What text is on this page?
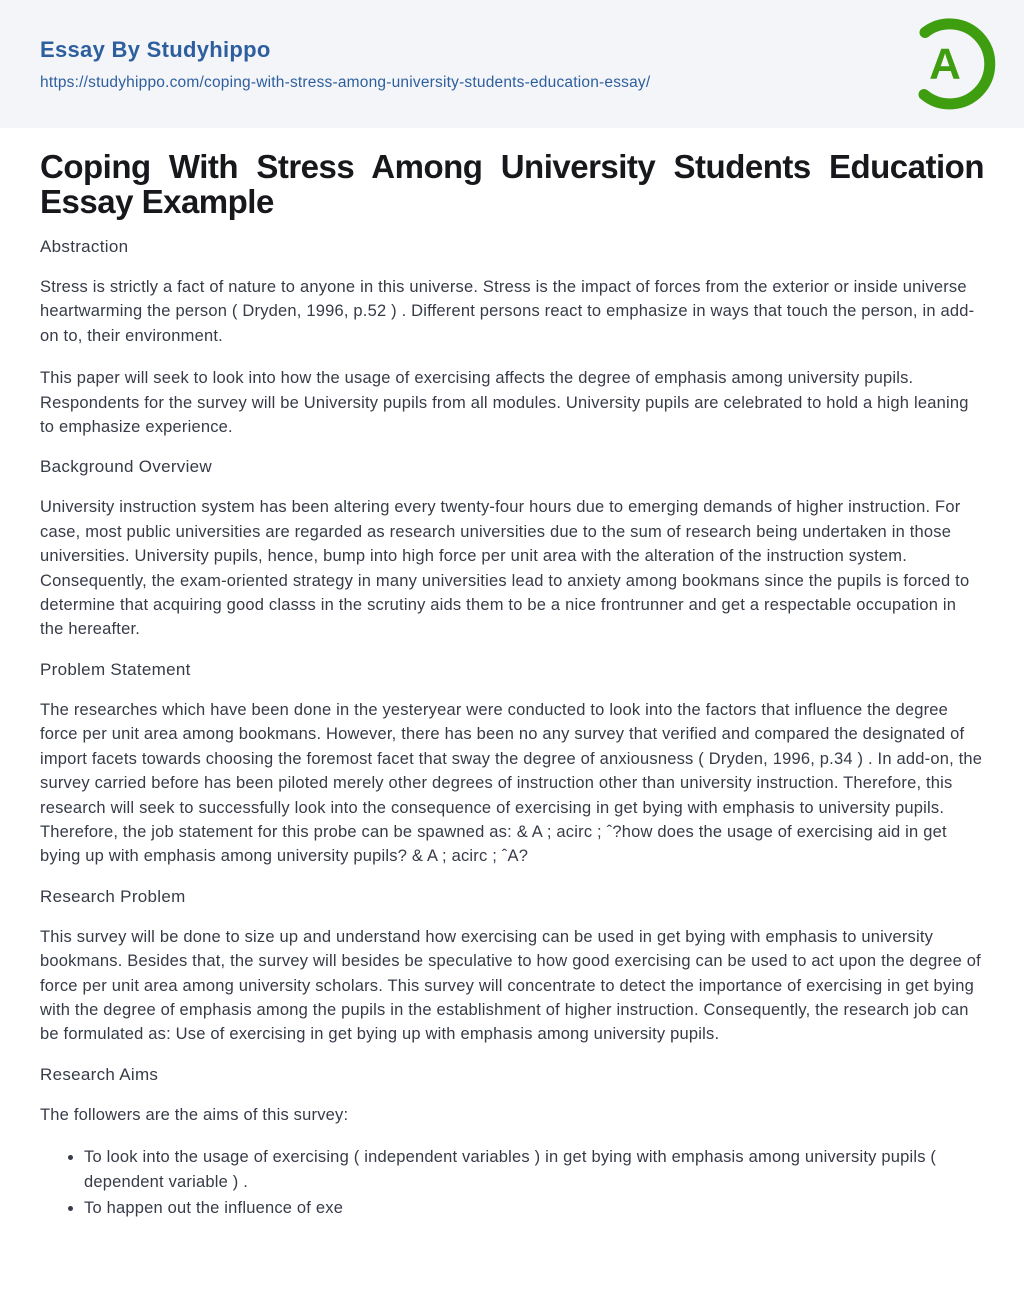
Essay By Studyhippo
https://studyhippo.com/coping-with-stress-among-university-students-education-essay/	A
Coping With Stress Among University Students Education Essay Example
Abstraction

Stress is strictly a fact of nature to anyone in this universe. Stress is the impact of forces from the exterior or inside universe heartwarming the person ( Dryden, 1996, p.52 ) . Different persons react to emphasize in ways that touch the person, in add-on to, their environment.

This paper will seek to look into how the usage of exercising affects the degree of emphasis among university pupils. Respondents for the survey will be University pupils from all modules. University pupils are celebrated to hold a high leaning to emphasize experience.

Background Overview

University instruction system has been altering every twenty-four hours due to emerging demands of higher instruction. For case, most public universities are regarded as research universities due to the sum of research being undertaken in those universities. University pupils, hence, bump into high force per unit area with the alteration of the instruction system. Consequently, the exam-oriented strategy in many universities lead to anxiety among bookmans since the pupils is forced to determine that acquiring good classs in the scrutiny aids them to be a nice frontrunner and get a respectable occupation in the hereafter.

Problem Statement

The researches which have been done in the yesteryear were conducted to look into the factors that influence the degree force per unit area among bookmans. However, there has been no any survey that verified and compared the designated of import facets towards choosing the foremost facet that sway the degree of anxiousness ( Dryden, 1996, p.34 ) . In add-on, the survey carried before has been piloted merely other degrees of instruction other than university instruction. Therefore, this research will seek to successfully look into the consequence of exercising in get bying with emphasis to university pupils. Therefore, the job statement for this probe can be spawned as: & A ; acirc ; ˆ?how does the usage of exercising aid in get bying up with emphasis among university pupils? & A ; acirc ; ˆA?

Research Problem

This survey will be done to size up and understand how exercising can be used in get bying with emphasis to university bookmans. Besides that, the survey will besides be speculative to how good exercising can be used to act upon the degree of force per unit area among university scholars. This survey will concentrate to detect the importance of exercising in get bying with the degree of emphasis among the pupils in the establishment of higher instruction. Consequently, the research job can be formulated as: Use of exercising in get bying up with emphasis among university pupils.

Research Aims

The followers are the aims of this survey:

• To look into the usage of exercising ( independent variables ) in get bying with emphasis among university pupils ( dependent variable ) .
• To happen out the influence of exe
